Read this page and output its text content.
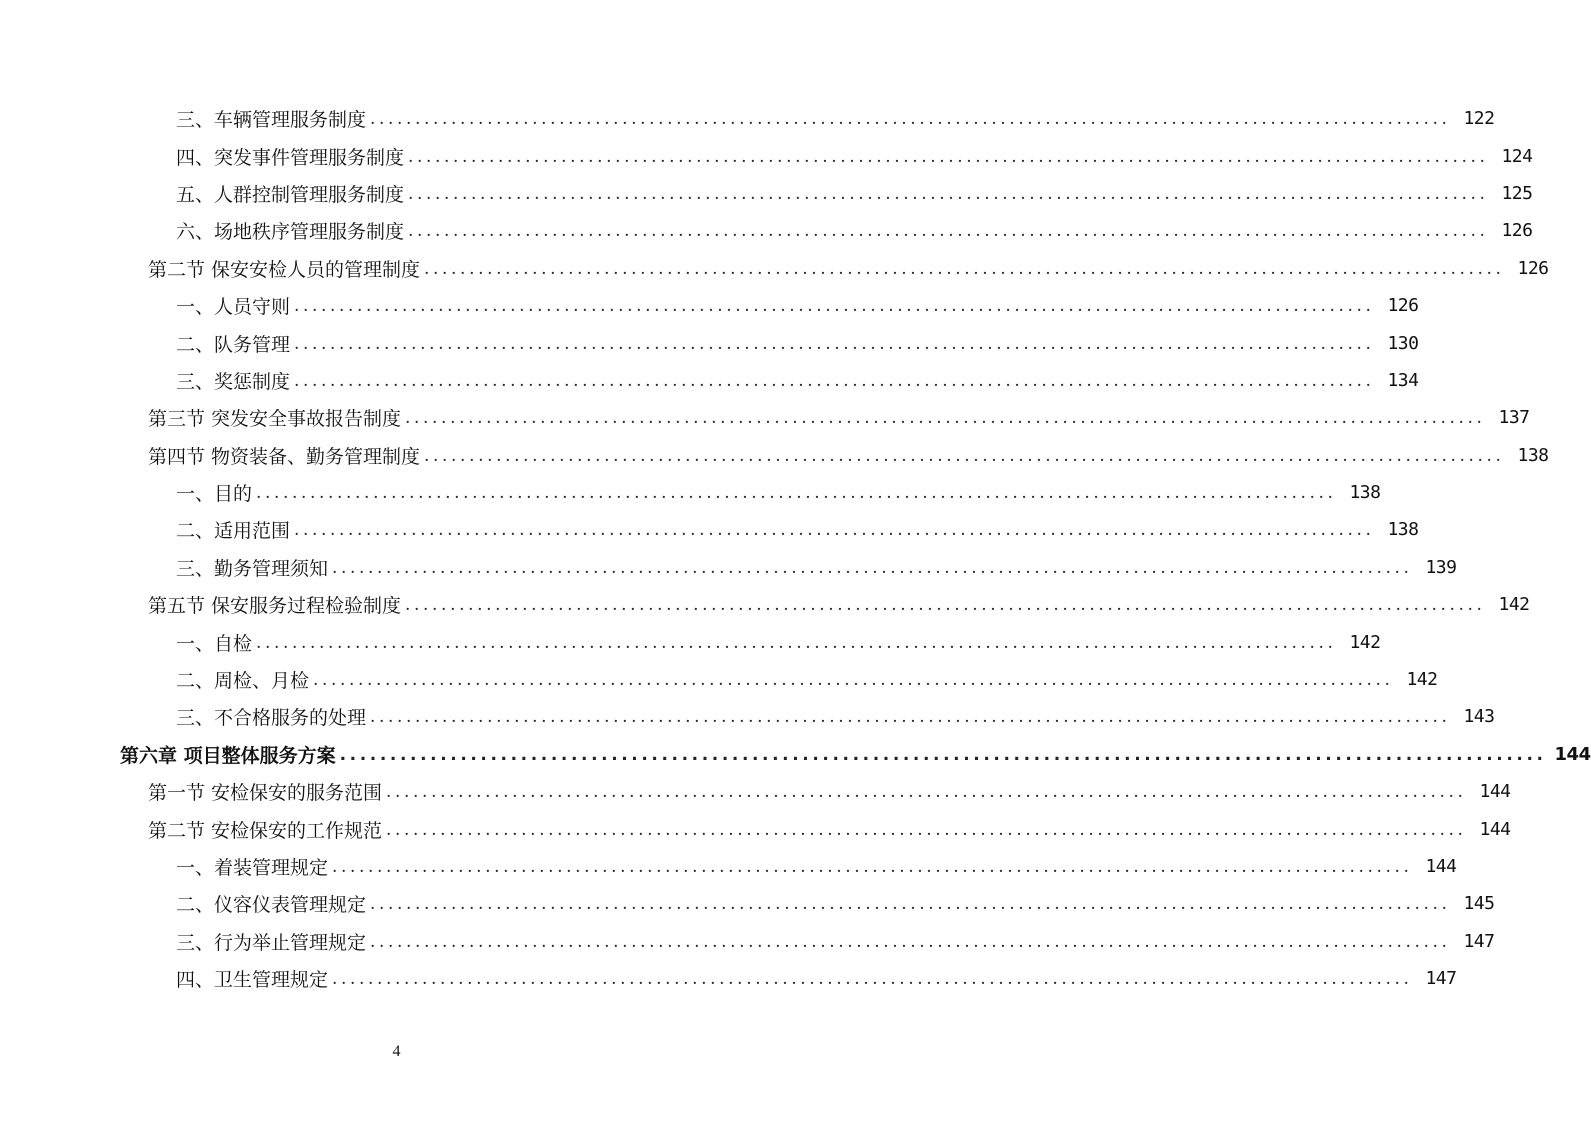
三、车辆管理服务制度 ........................................................................................................................ 122
四、突发事件管理服务制度 ........................................................................................................................ 124
五、人群控制管理服务制度 ........................................................................................................................ 125
六、场地秩序管理服务制度 ........................................................................................................................ 126
第二节 保安安检人员的管理制度 ........................................................................................................................ 126
一、人员守则 ........................................................................................................................ 126
二、队务管理 ........................................................................................................................ 130
三、奖惩制度 ........................................................................................................................ 134
第三节 突发安全事故报告制度 ........................................................................................................................ 137
第四节 物资装备、勤务管理制度 ........................................................................................................................ 138
一、目的 ........................................................................................................................ 138
二、适用范围 ........................................................................................................................ 138
三、勤务管理须知 ........................................................................................................................ 139
第五节 保安服务过程检验制度 ........................................................................................................................ 142
一、自检 ........................................................................................................................ 142
二、周检、月检 ........................................................................................................................ 142
三、不合格服务的处理 ........................................................................................................................ 143
第六章 项目整体服务方案 ........................................................................................................................ 144
第一节 安检保安的服务范围 ........................................................................................................................ 144
第二节 安检保安的工作规范 ........................................................................................................................ 144
一、着装管理规定 ........................................................................................................................ 144
二、仪容仪表管理规定 ........................................................................................................................ 145
三、行为举止管理规定 ........................................................................................................................ 147
四、卫生管理规定 ........................................................................................................................ 147
4
